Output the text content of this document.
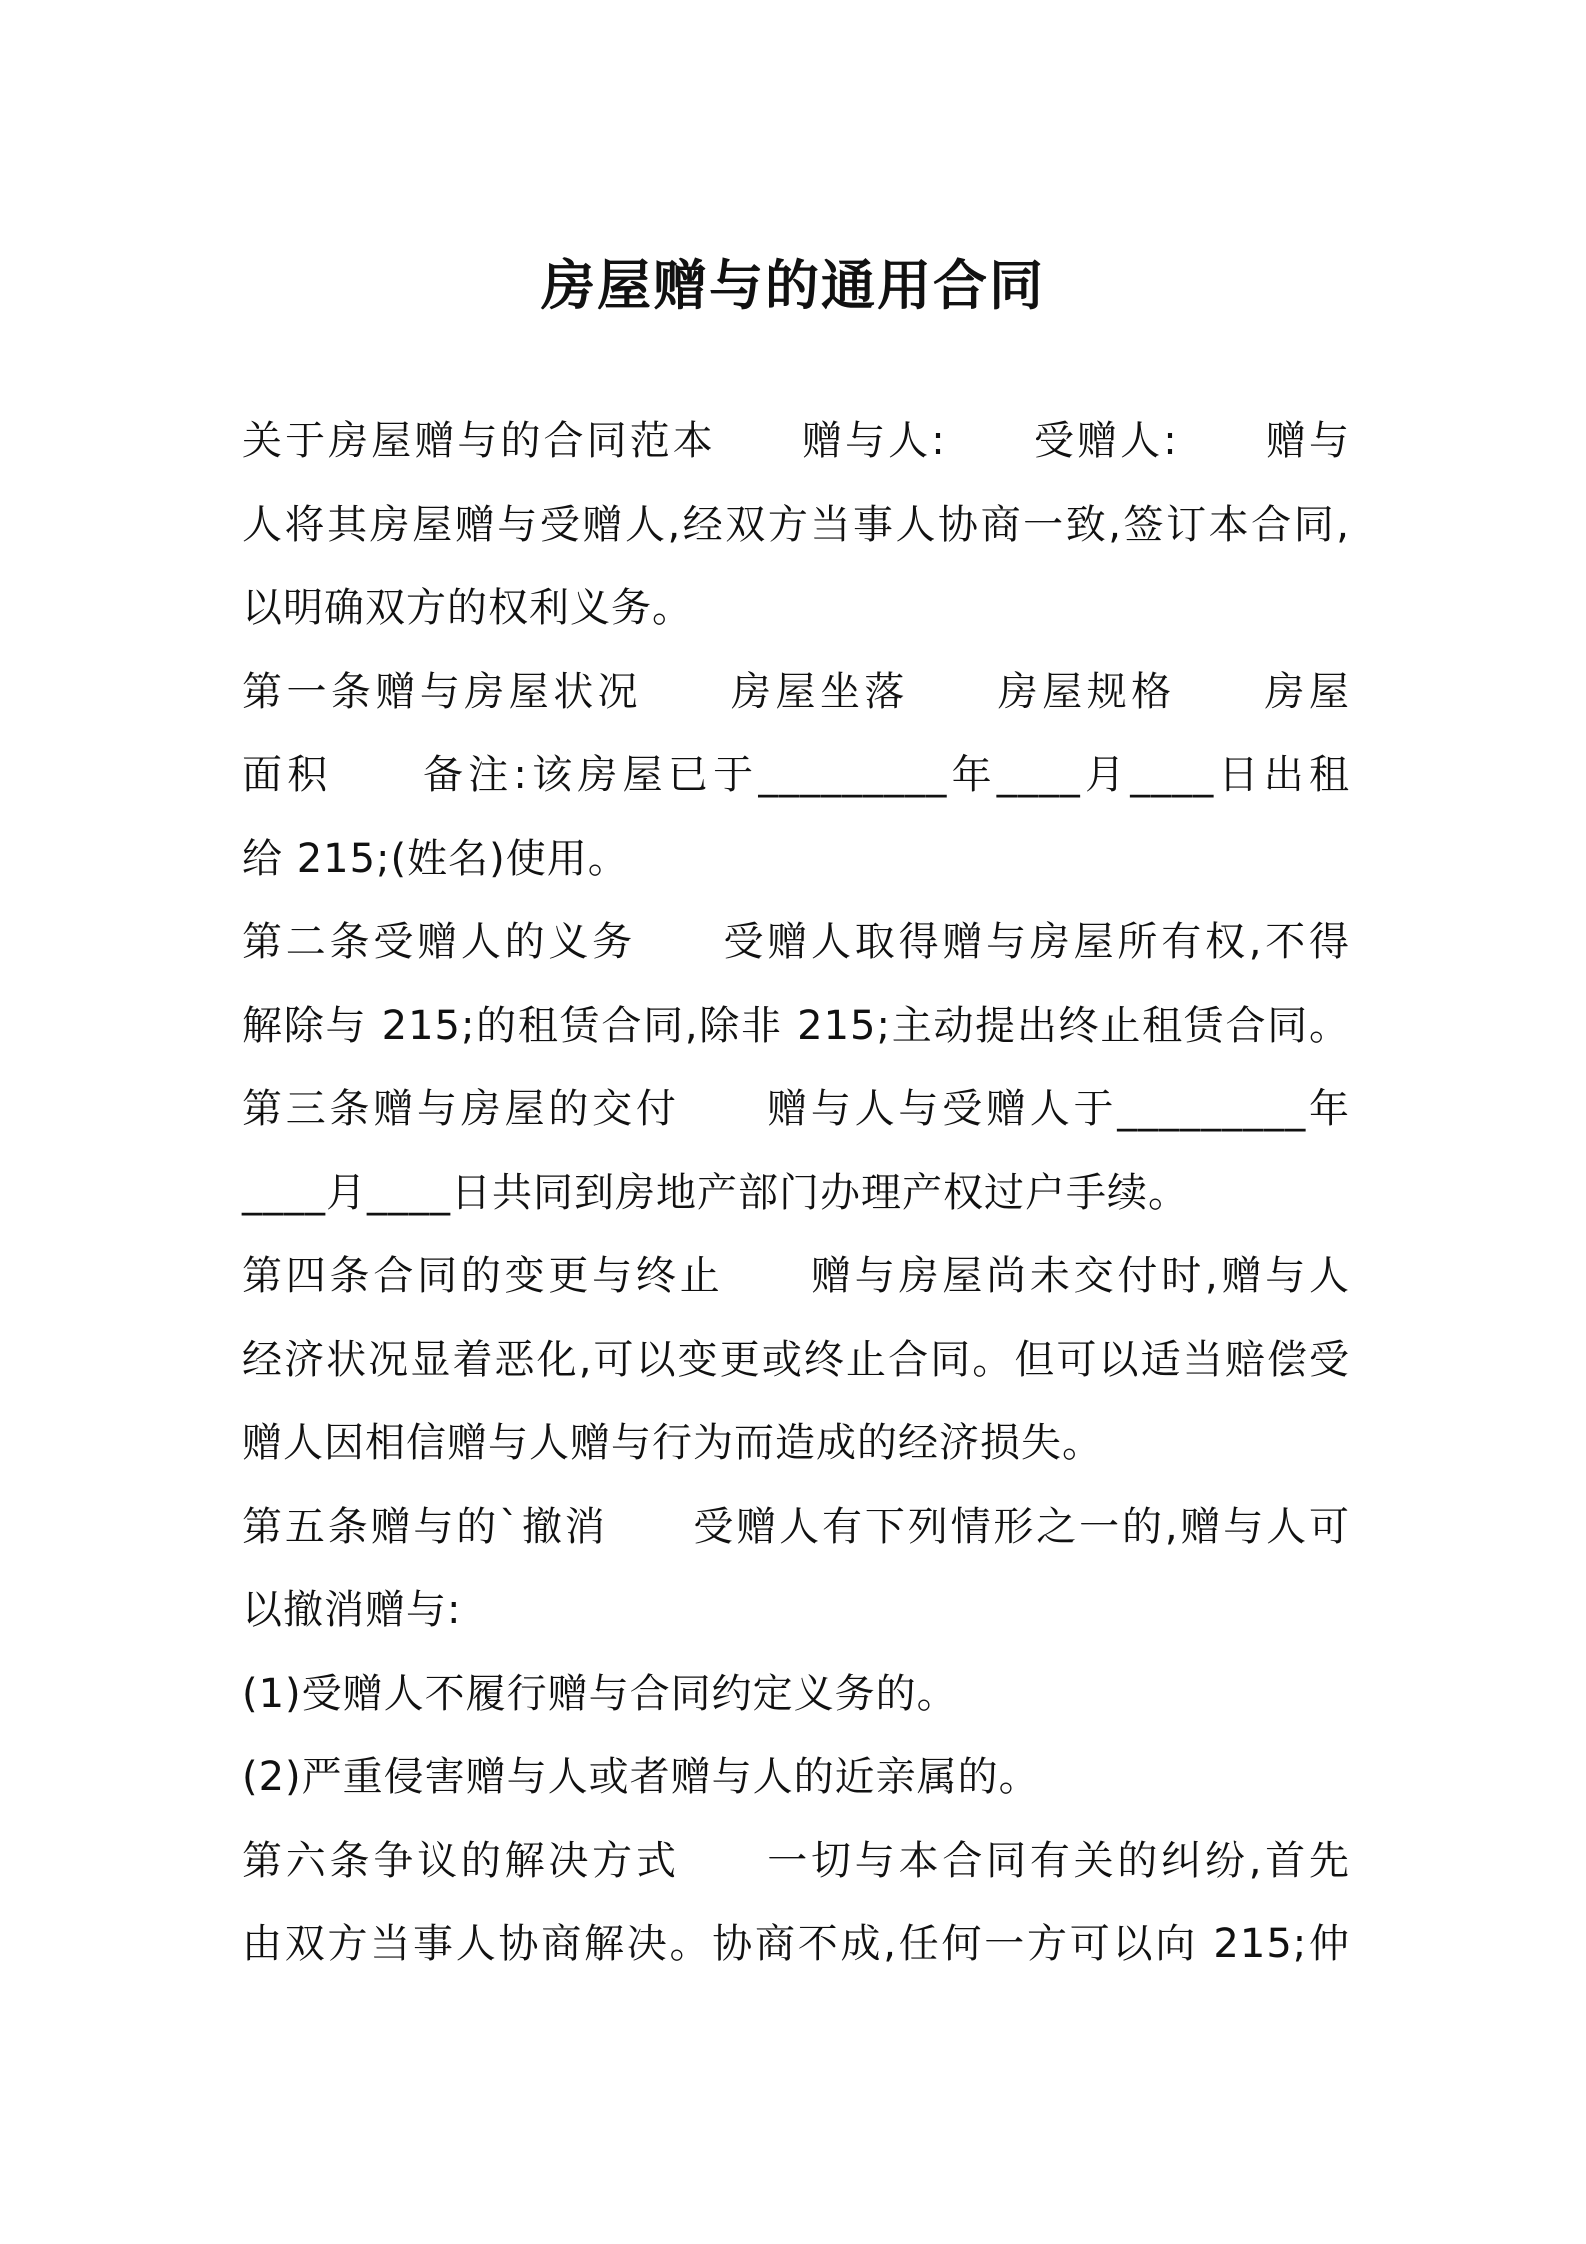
房屋赠与的通用合同
关于房屋赠与的合同范本　　赠与人:　　受赠人:　　赠与
人将其房屋赠与受赠人,经双方当事人协商一致,签订本合同,
以明确双方的权利义务。
第一条赠与房屋状况　　房屋坐落　　房屋规格　　房屋
面积　　备注:该房屋已于_________年____月____日出租
给 215;(姓名)使用。
第二条受赠人的义务　　受赠人取得赠与房屋所有权,不得
解除与 215;的租赁合同,除非 215;主动提出终止租赁合同。
第三条赠与房屋的交付　　赠与人与受赠人于_________年
____月____日共同到房地产部门办理产权过户手续。
第四条合同的变更与终止　　赠与房屋尚未交付时,赠与人
经济状况显着恶化,可以变更或终止合同。但可以适当赔偿受
赠人因相信赠与人赠与行为而造成的经济损失。
第五条赠与的`撤消　　受赠人有下列情形之一的,赠与人可
以撤消赠与:
(1)受赠人不履行赠与合同约定义务的。
(2)严重侵害赠与人或者赠与人的近亲属的。
第六条争议的解决方式　　一切与本合同有关的纠纷,首先
由双方当事人协商解决。协商不成,任何一方可以向 215;仲
